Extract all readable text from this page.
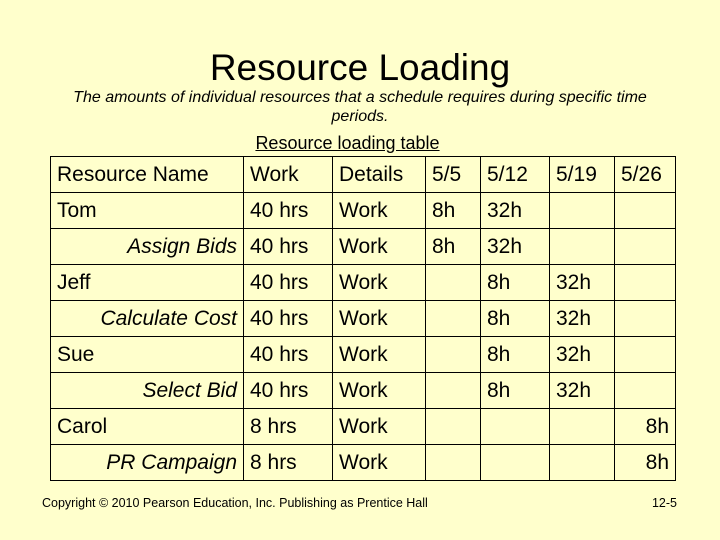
Resource Loading
The amounts of individual resources that a schedule requires during specific time periods.
Resource loading table
Resource Name	Work	Details	5/5	5/12	5/19	5/26
Tom	40 hrs	Work	8h	32h		
Assign Bids	40 hrs	Work	8h	32h		
Jeff	40 hrs	Work		8h	32h	
Calculate Cost	40 hrs	Work		8h	32h	
Sue	40 hrs	Work		8h	32h	
Select Bid	40 hrs	Work		8h	32h	
Carol	8 hrs	Work				8h
PR Campaign	8 hrs	Work				8h
Copyright © 2010 Pearson Education, Inc. Publishing as Prentice Hall	12-5
